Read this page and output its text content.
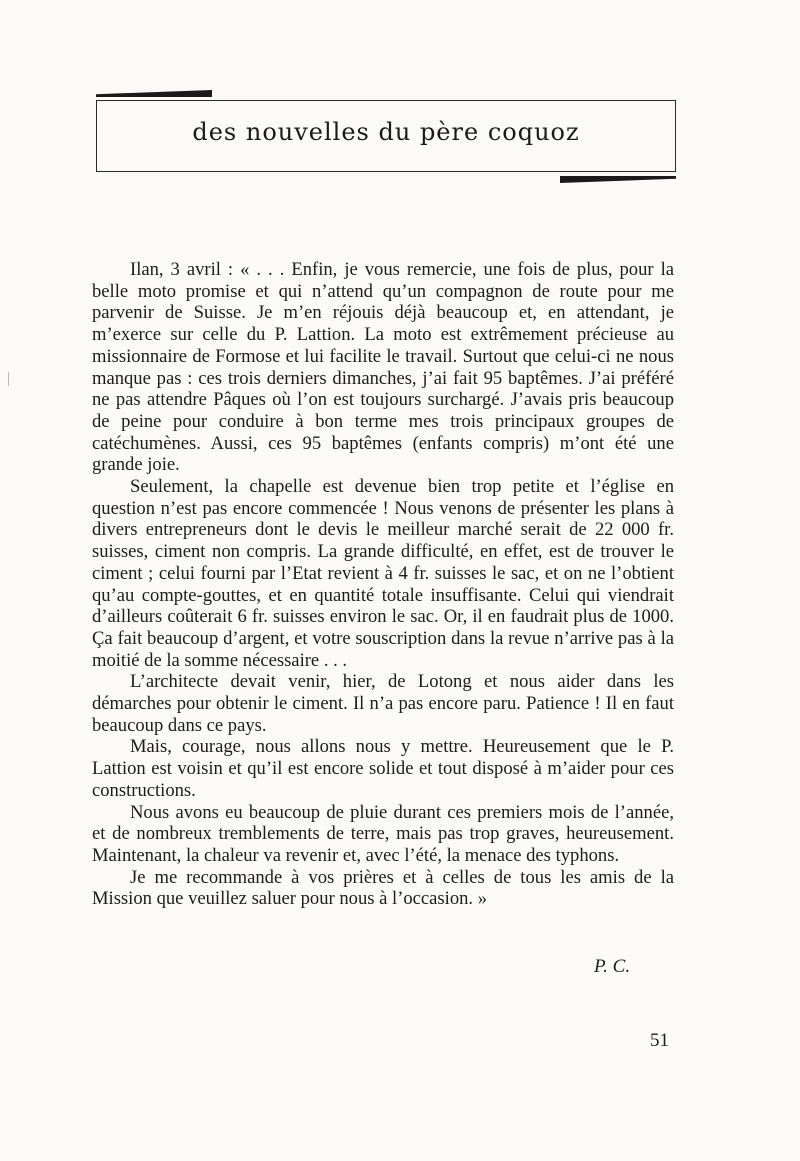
des nouvelles du père coquoz

Ilan, 3 avril : « . . . Enfin, je vous remercie, une fois de plus, pour la belle moto promise et qui n’attend qu’un compagnon de route pour me parvenir de Suisse. Je m’en réjouis déjà beaucoup et, en attendant, je m’exerce sur celle du P. Lattion. La moto est extrêmement précieuse au missionnaire de Formose et lui facilite le travail. Surtout que celui-ci ne nous manque pas : ces trois derniers dimanches, j’ai fait 95 baptêmes. J’ai préféré ne pas attendre Pâques où l’on est toujours surchargé. J’avais pris beaucoup de peine pour conduire à bon terme mes trois principaux groupes de catéchumènes. Aussi, ces 95 baptêmes (enfants compris) m’ont été une grande joie.

Seulement, la chapelle est devenue bien trop petite et l’église en question n’est pas encore commencée ! Nous venons de présenter les plans à divers entrepreneurs dont le devis le meilleur marché serait de 22 000 fr. suisses, ciment non compris. La grande difficulté, en effet, est de trouver le ciment ; celui fourni par l’Etat revient à 4 fr. suisses le sac, et on ne l’obtient qu’au compte-gouttes, et en quantité totale insuffisante. Celui qui viendrait d’ailleurs coûterait 6 fr. suisses environ le sac. Or, il en faudrait plus de 1000. Ça fait beaucoup d’argent, et votre souscription dans la revue n’arrive pas à la moitié de la somme nécessaire . . .

L’architecte devait venir, hier, de Lotong et nous aider dans les démarches pour obtenir le ciment. Il n’a pas encore paru. Patience ! Il en faut beaucoup dans ce pays.

Mais, courage, nous allons nous y mettre. Heureusement que le P. Lattion est voisin et qu’il est encore solide et tout disposé à m’aider pour ces constructions.

Nous avons eu beaucoup de pluie durant ces premiers mois de l’année, et de nombreux tremblements de terre, mais pas trop graves, heureusement. Maintenant, la chaleur va revenir et, avec l’été, la menace des typhons.

Je me recommande à vos prières et à celles de tous les amis de la Mission que veuillez saluer pour nous à l’occasion. »

P. C.
51
